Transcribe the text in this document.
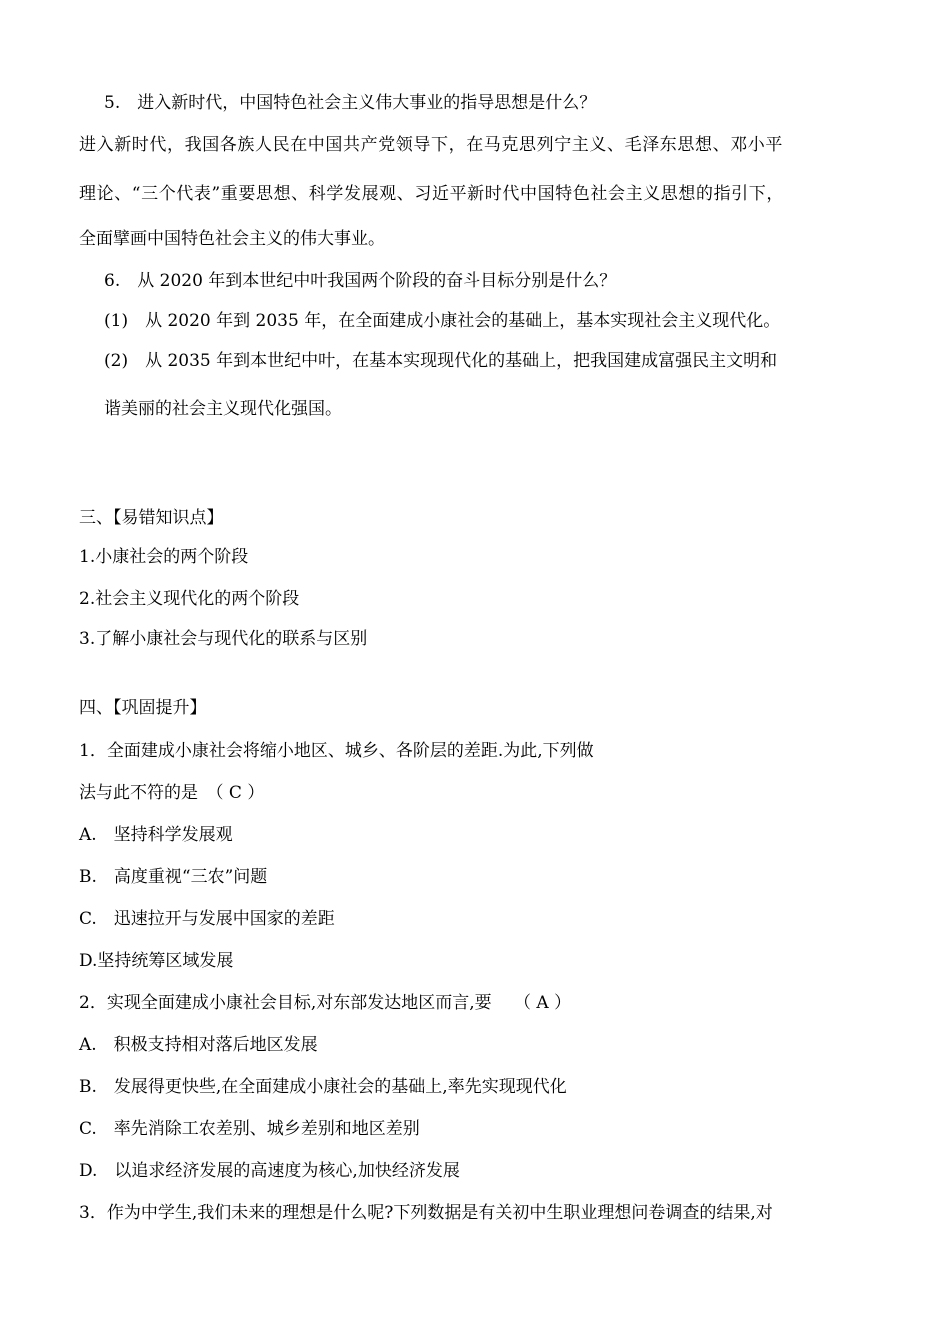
5.　进入新时代，中国特色社会主义伟大事业的指导思想是什么？
进入新时代，我国各族人民在中国共产党领导下，在马克思列宁主义、毛泽东思想、邓小平
理论、“三个代表”重要思想、科学发展观、习近平新时代中国特色社会主义思想的指引下，
全面擘画中国特色社会主义的伟大事业。
6.　从 2020 年到本世纪中叶我国两个阶段的奋斗目标分别是什么？
(1)　从 2020 年到 2035 年，在全面建成小康社会的基础上，基本实现社会主义现代化。
(2)　从 2035 年到本世纪中叶，在基本实现现代化的基础上，把我国建成富强民主文明和
谐美丽的社会主义现代化强国。
三、【易错知识点】
1.小康社会的两个阶段
2.社会主义现代化的两个阶段
3.了解小康社会与现代化的联系与区别
四、【巩固提升】
1．全面建成小康社会将缩小地区、城乡、各阶层的差距.为此,下列做
法与此不符的是　（ C ）
A.　坚持科学发展观
B.　高度重视“三农”问题
C.　迅速拉开与发展中国家的差距
D.坚持统筹区域发展
2．实现全面建成小康社会目标,对东部发达地区而言,要　 （ A ）
A.　积极支持相对落后地区发展
B.　发展得更快些,在全面建成小康社会的基础上,率先实现现代化
C.　率先消除工农差别、城乡差别和地区差别
D.　以追求经济发展的高速度为核心,加快经济发展
3．作为中学生,我们未来的理想是什么呢?下列数据是有关初中生职业理想问卷调查的结果,对
